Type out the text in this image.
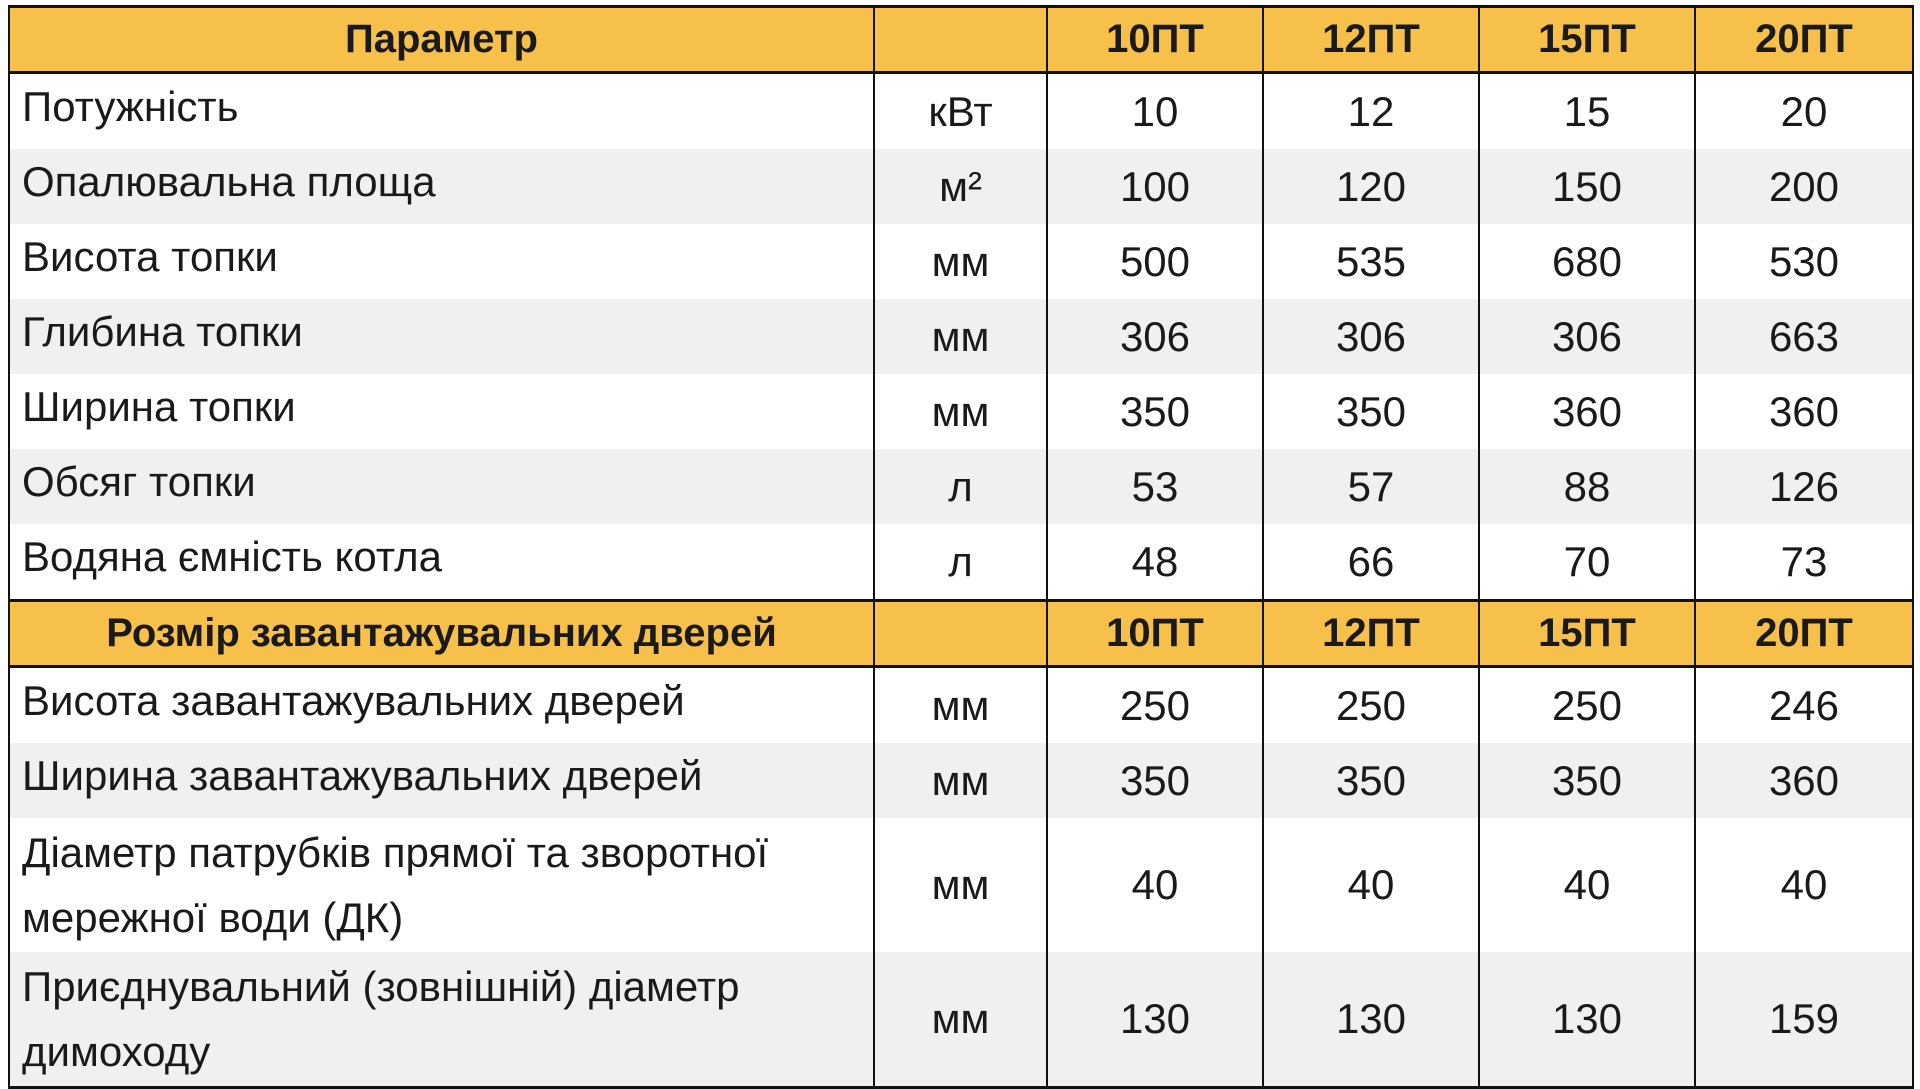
Параметр		10ПТ	12ПТ	15ПТ	20ПТ
Потужність	кВт	10	12	15	20
Опалювальна площа	м²	100	120	150	200
Висота топки	мм	500	535	680	530
Глибина топки	мм	306	306	306	663
Ширина топки	мм	350	350	360	360
Обсяг топки	л	53	57	88	126
Водяна ємність котла	л	48	66	70	73
Розмір завантажувальних дверей		10ПТ	12ПТ	15ПТ	20ПТ
Висота завантажувальних дверей	мм	250	250	250	246
Ширина завантажувальних дверей	мм	350	350	350	360

Діаметр патрубків прямої та зворотної
мережної води (ДК)	мм	40	40	40	40

Приєднувальний (зовнішній) діаметр
димоходу	мм	130	130	130	159
